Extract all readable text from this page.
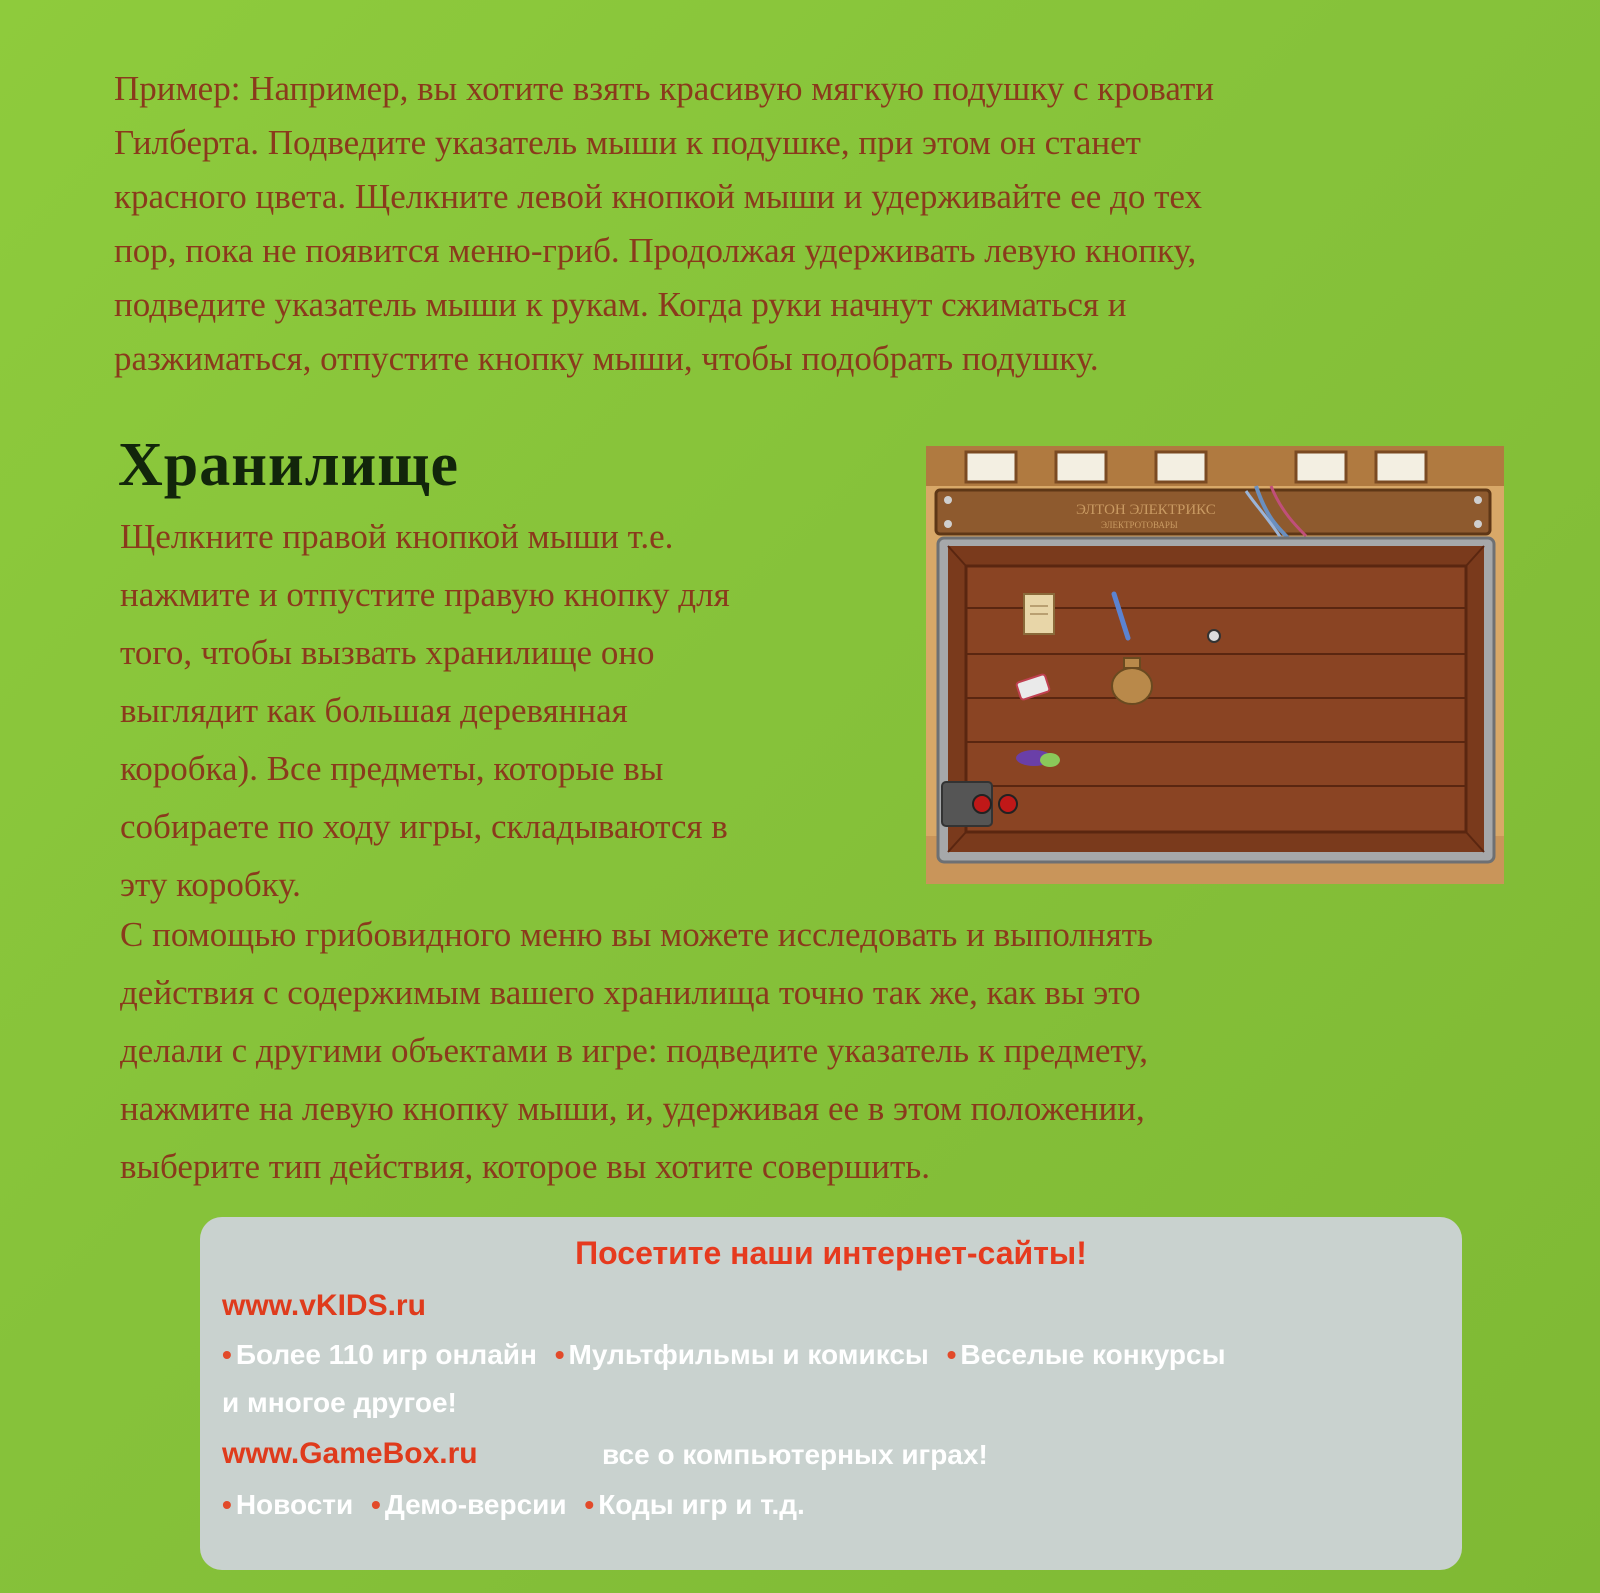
Пример: Например, вы хотите взять красивую мягкую подушку с кровати

Гилберта. Подведите указатель мыши к подушке, при этом он станет

красного цвета. Щелкните левой кнопкой мыши и удерживайте ее до тех

пор, пока не появится меню-гриб. Продолжая удерживать левую кнопку,

подведите указатель мыши к рукам. Когда руки начнут сжиматься и

разжиматься, отпустите кнопку мыши, чтобы подобрать подушку.

Хранилище
Щелкните правой кнопкой мыши т.е.
нажмите и отпустите правую кнопку для
того, чтобы вызвать хранилище оно
выглядит как большая деревянная
коробка). Все предметы, которые вы
собираете по ходу игры, складываются в
эту коробку.
ЭЛТОН ЭЛЕКТРИКС
ЭЛЕКТРОТОВАРЫ

С помощью грибовидного меню вы можете исследовать и выполнять

действия с содержимым вашего хранилища точно так же, как вы это

делали с другими объектами в игре: подведите указатель к предмету,

нажмите на левую кнопку мыши, и, удерживая ее в этом положении,

выберите тип действия, которое вы хотите совершить.

Посетите наши интернет-сайты!
www.vKIDS.ru
• Более 110 игр онлайн • Мультфильмы и комиксы • Веселые конкурсы
и многое другое!
www.GameBox.ru	все о компьютерных играх!
• Новости • Демо-версии • Коды игр и т.д.
